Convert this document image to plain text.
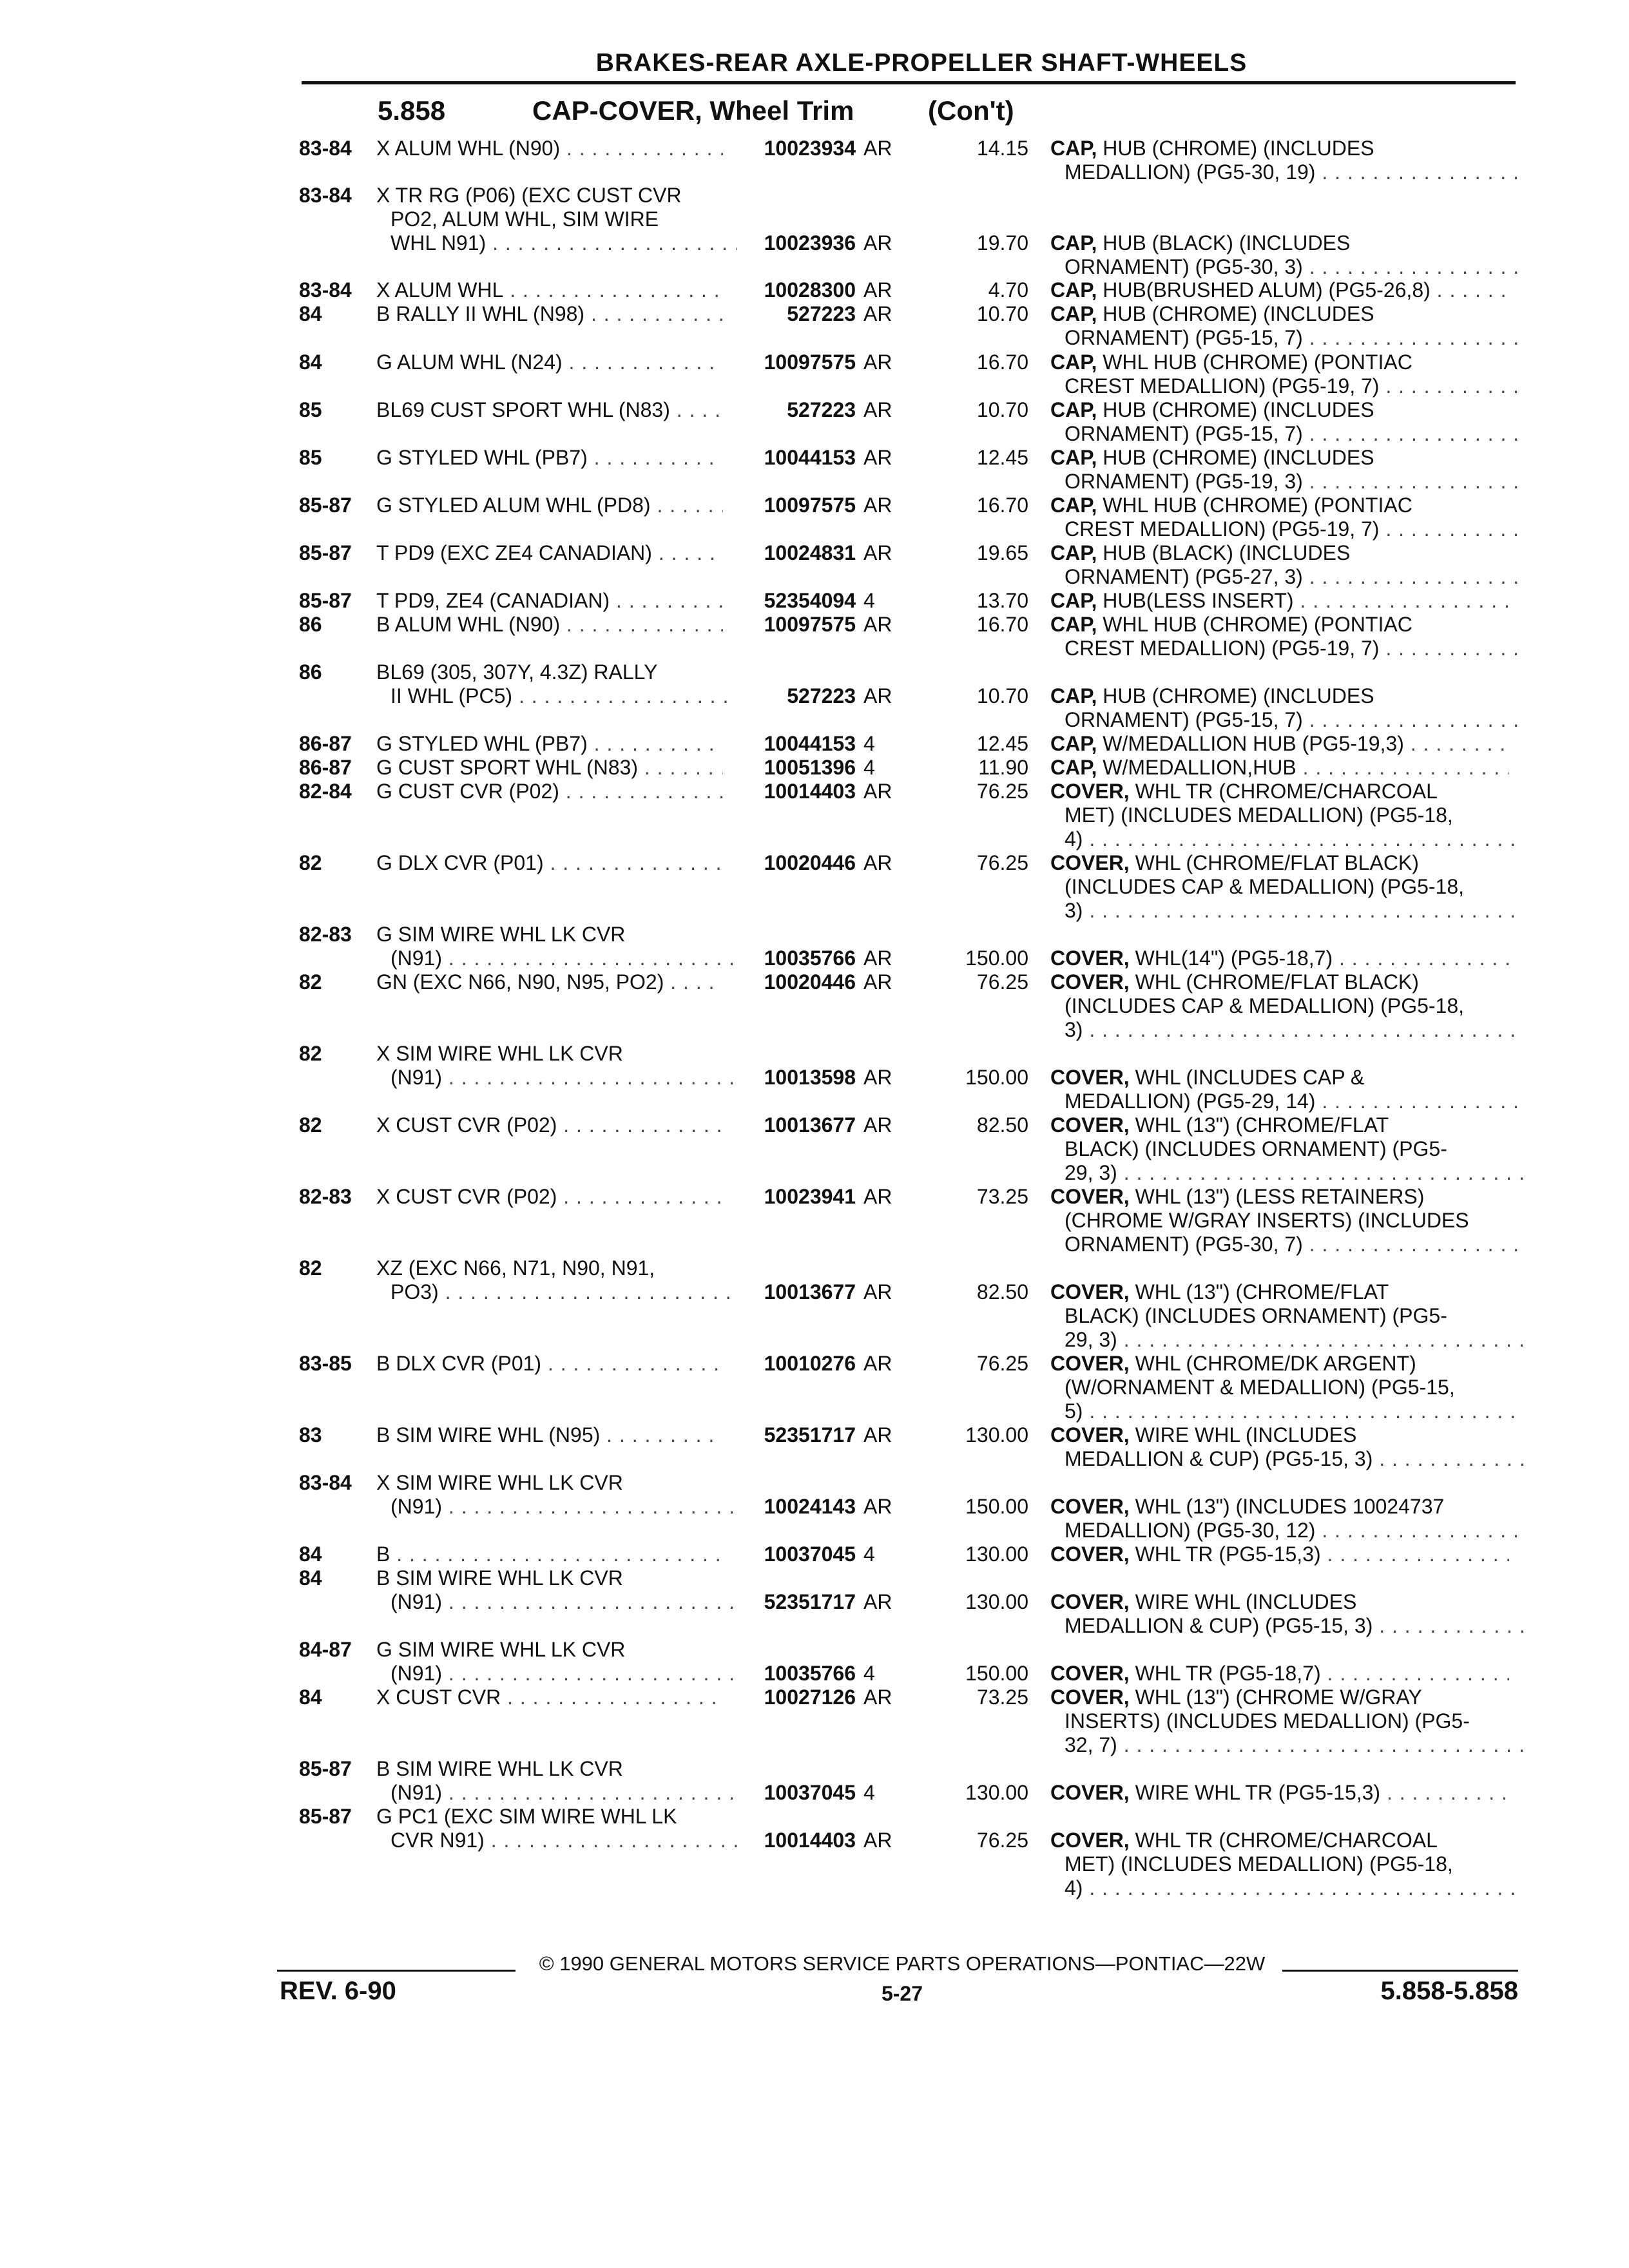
BRAKES-REAR AXLE-PROPELLER SHAFT-WHEELS
5.858	CAP-COVER, Wheel Trim	(Con't)
83-84	X ALUM WHL (N90) . . .	10023934 AR	14.15 CAP, HUB (CHROME) (INCLUDES
MEDALLION) (PG5-30, 19) . . .
83-84	X TR RG (P06) (EXC CUST CVR
PO2, ALUM WHL, SIM WIRE
WHL N91) . . .	10023936 AR	19.70 CAP, HUB (BLACK) (INCLUDES
ORNAMENT) (PG5-30, 3) . . .
83-84	X ALUM WHL . . .	10028300 AR	4.70 CAP, HUB(BRUSHED ALUM) (PG5-26,8) . . .
84	B RALLY II WHL (N98) . . .	527223 AR	10.70 CAP, HUB (CHROME) (INCLUDES
ORNAMENT) (PG5-15, 7) . . .
84	G ALUM WHL (N24) . . .	10097575 AR	16.70 CAP, WHL HUB (CHROME) (PONTIAC
CREST MEDALLION) (PG5-19, 7) . . .
85	BL69 CUST SPORT WHL (N83) . . .	527223 AR	10.70 CAP, HUB (CHROME) (INCLUDES
ORNAMENT) (PG5-15, 7) . . .
85	G STYLED WHL (PB7) . . .	10044153 AR	12.45 CAP, HUB (CHROME) (INCLUDES
ORNAMENT) (PG5-19, 3) . . .
85-87	G STYLED ALUM WHL (PD8) . . .	10097575 AR	16.70 CAP, WHL HUB (CHROME) (PONTIAC
CREST MEDALLION) (PG5-19, 7) . . .
85-87	T PD9 (EXC ZE4 CANADIAN) . . .	10024831 AR	19.65 CAP, HUB (BLACK) (INCLUDES
ORNAMENT) (PG5-27, 3) . . .
85-87	T PD9, ZE4 (CANADIAN) . . .	52354094 4	13.70 CAP, HUB(LESS INSERT) . . .
86	B ALUM WHL (N90) . . .	10097575 AR	16.70 CAP, WHL HUB (CHROME) (PONTIAC
CREST MEDALLION) (PG5-19, 7) . . .
86	BL69 (305, 307Y, 4.3Z) RALLY
II WHL (PC5) . . .	527223 AR	10.70 CAP, HUB (CHROME) (INCLUDES
ORNAMENT) (PG5-15, 7) . . .
86-87	G STYLED WHL (PB7) . . .	10044153 4	12.45 CAP, W/MEDALLION HUB (PG5-19,3) . . .
86-87	G CUST SPORT WHL (N83) . . .	10051396 4	11.90 CAP, W/MEDALLION,HUB . . .
82-84	G CUST CVR (P02) . . .	10014403 AR	76.25 COVER, WHL TR (CHROME/CHARCOAL
MET) (INCLUDES MEDALLION) (PG5-18,
4) . . .
82	G DLX CVR (P01) . . .	10020446 AR	76.25 COVER, WHL (CHROME/FLAT BLACK)
(INCLUDES CAP & MEDALLION) (PG5-18,
3) . . .
82-83	G SIM WIRE WHL LK CVR
(N91) . . .	10035766 AR	150.00 COVER, WHL(14") (PG5-18,7) . . .
82	GN (EXC N66, N90, N95, PO2) . . .	10020446 AR	76.25 COVER, WHL (CHROME/FLAT BLACK)
(INCLUDES CAP & MEDALLION) (PG5-18,
3) . . .
82	X SIM WIRE WHL LK CVR
(N91) . . .	10013598 AR	150.00 COVER, WHL (INCLUDES CAP &
MEDALLION) (PG5-29, 14) . . .
82	X CUST CVR (P02) . . .	10013677 AR	82.50 COVER, WHL (13") (CHROME/FLAT
BLACK) (INCLUDES ORNAMENT) (PG5-
29, 3) . . .
82-83	X CUST CVR (P02) . . .	10023941 AR	73.25 COVER, WHL (13") (LESS RETAINERS)
(CHROME W/GRAY INSERTS) (INCLUDES
ORNAMENT) (PG5-30, 7) . . .
82	XZ (EXC N66, N71, N90, N91,
PO3) . . .	10013677 AR	82.50 COVER, WHL (13") (CHROME/FLAT
BLACK) (INCLUDES ORNAMENT) (PG5-
29, 3) . . .
83-85	B DLX CVR (P01) . . .	10010276 AR	76.25 COVER, WHL (CHROME/DK ARGENT)
(W/ORNAMENT & MEDALLION) (PG5-15,
5) . . .
83	B SIM WIRE WHL (N95) . . .	52351717 AR	130.00 COVER, WIRE WHL (INCLUDES
MEDALLION & CUP) (PG5-15, 3) . . .
83-84	X SIM WIRE WHL LK CVR
(N91) . . .	10024143 AR	150.00 COVER, WHL (13") (INCLUDES 10024737
MEDALLION) (PG5-30, 12) . . .
84	B . . .	10037045 4	130.00 COVER, WHL TR (PG5-15,3) . . .
84	B SIM WIRE WHL LK CVR
(N91) . . .	52351717 AR	130.00 COVER, WIRE WHL (INCLUDES
MEDALLION & CUP) (PG5-15, 3) . . .
84-87	G SIM WIRE WHL LK CVR
(N91) . . .	10035766 4	150.00 COVER, WHL TR (PG5-18,7) . . .
84	X CUST CVR . . .	10027126 AR	73.25 COVER, WHL (13") (CHROME W/GRAY
INSERTS) (INCLUDES MEDALLION) (PG5-
32, 7) . . .
85-87	B SIM WIRE WHL LK CVR
(N91) . . .	10037045 4	130.00 COVER, WIRE WHL TR (PG5-15,3) . . .
85-87	G PC1 (EXC SIM WIRE WHL LK
CVR N91) . . .	10014403 AR	76.25 COVER, WHL TR (CHROME/CHARCOAL
MET) (INCLUDES MEDALLION) (PG5-18,
4) . . .
© 1990 GENERAL MOTORS SERVICE PARTS OPERATIONS—PONTIAC—22W
REV. 6-90	5-27	5.858-5.858
